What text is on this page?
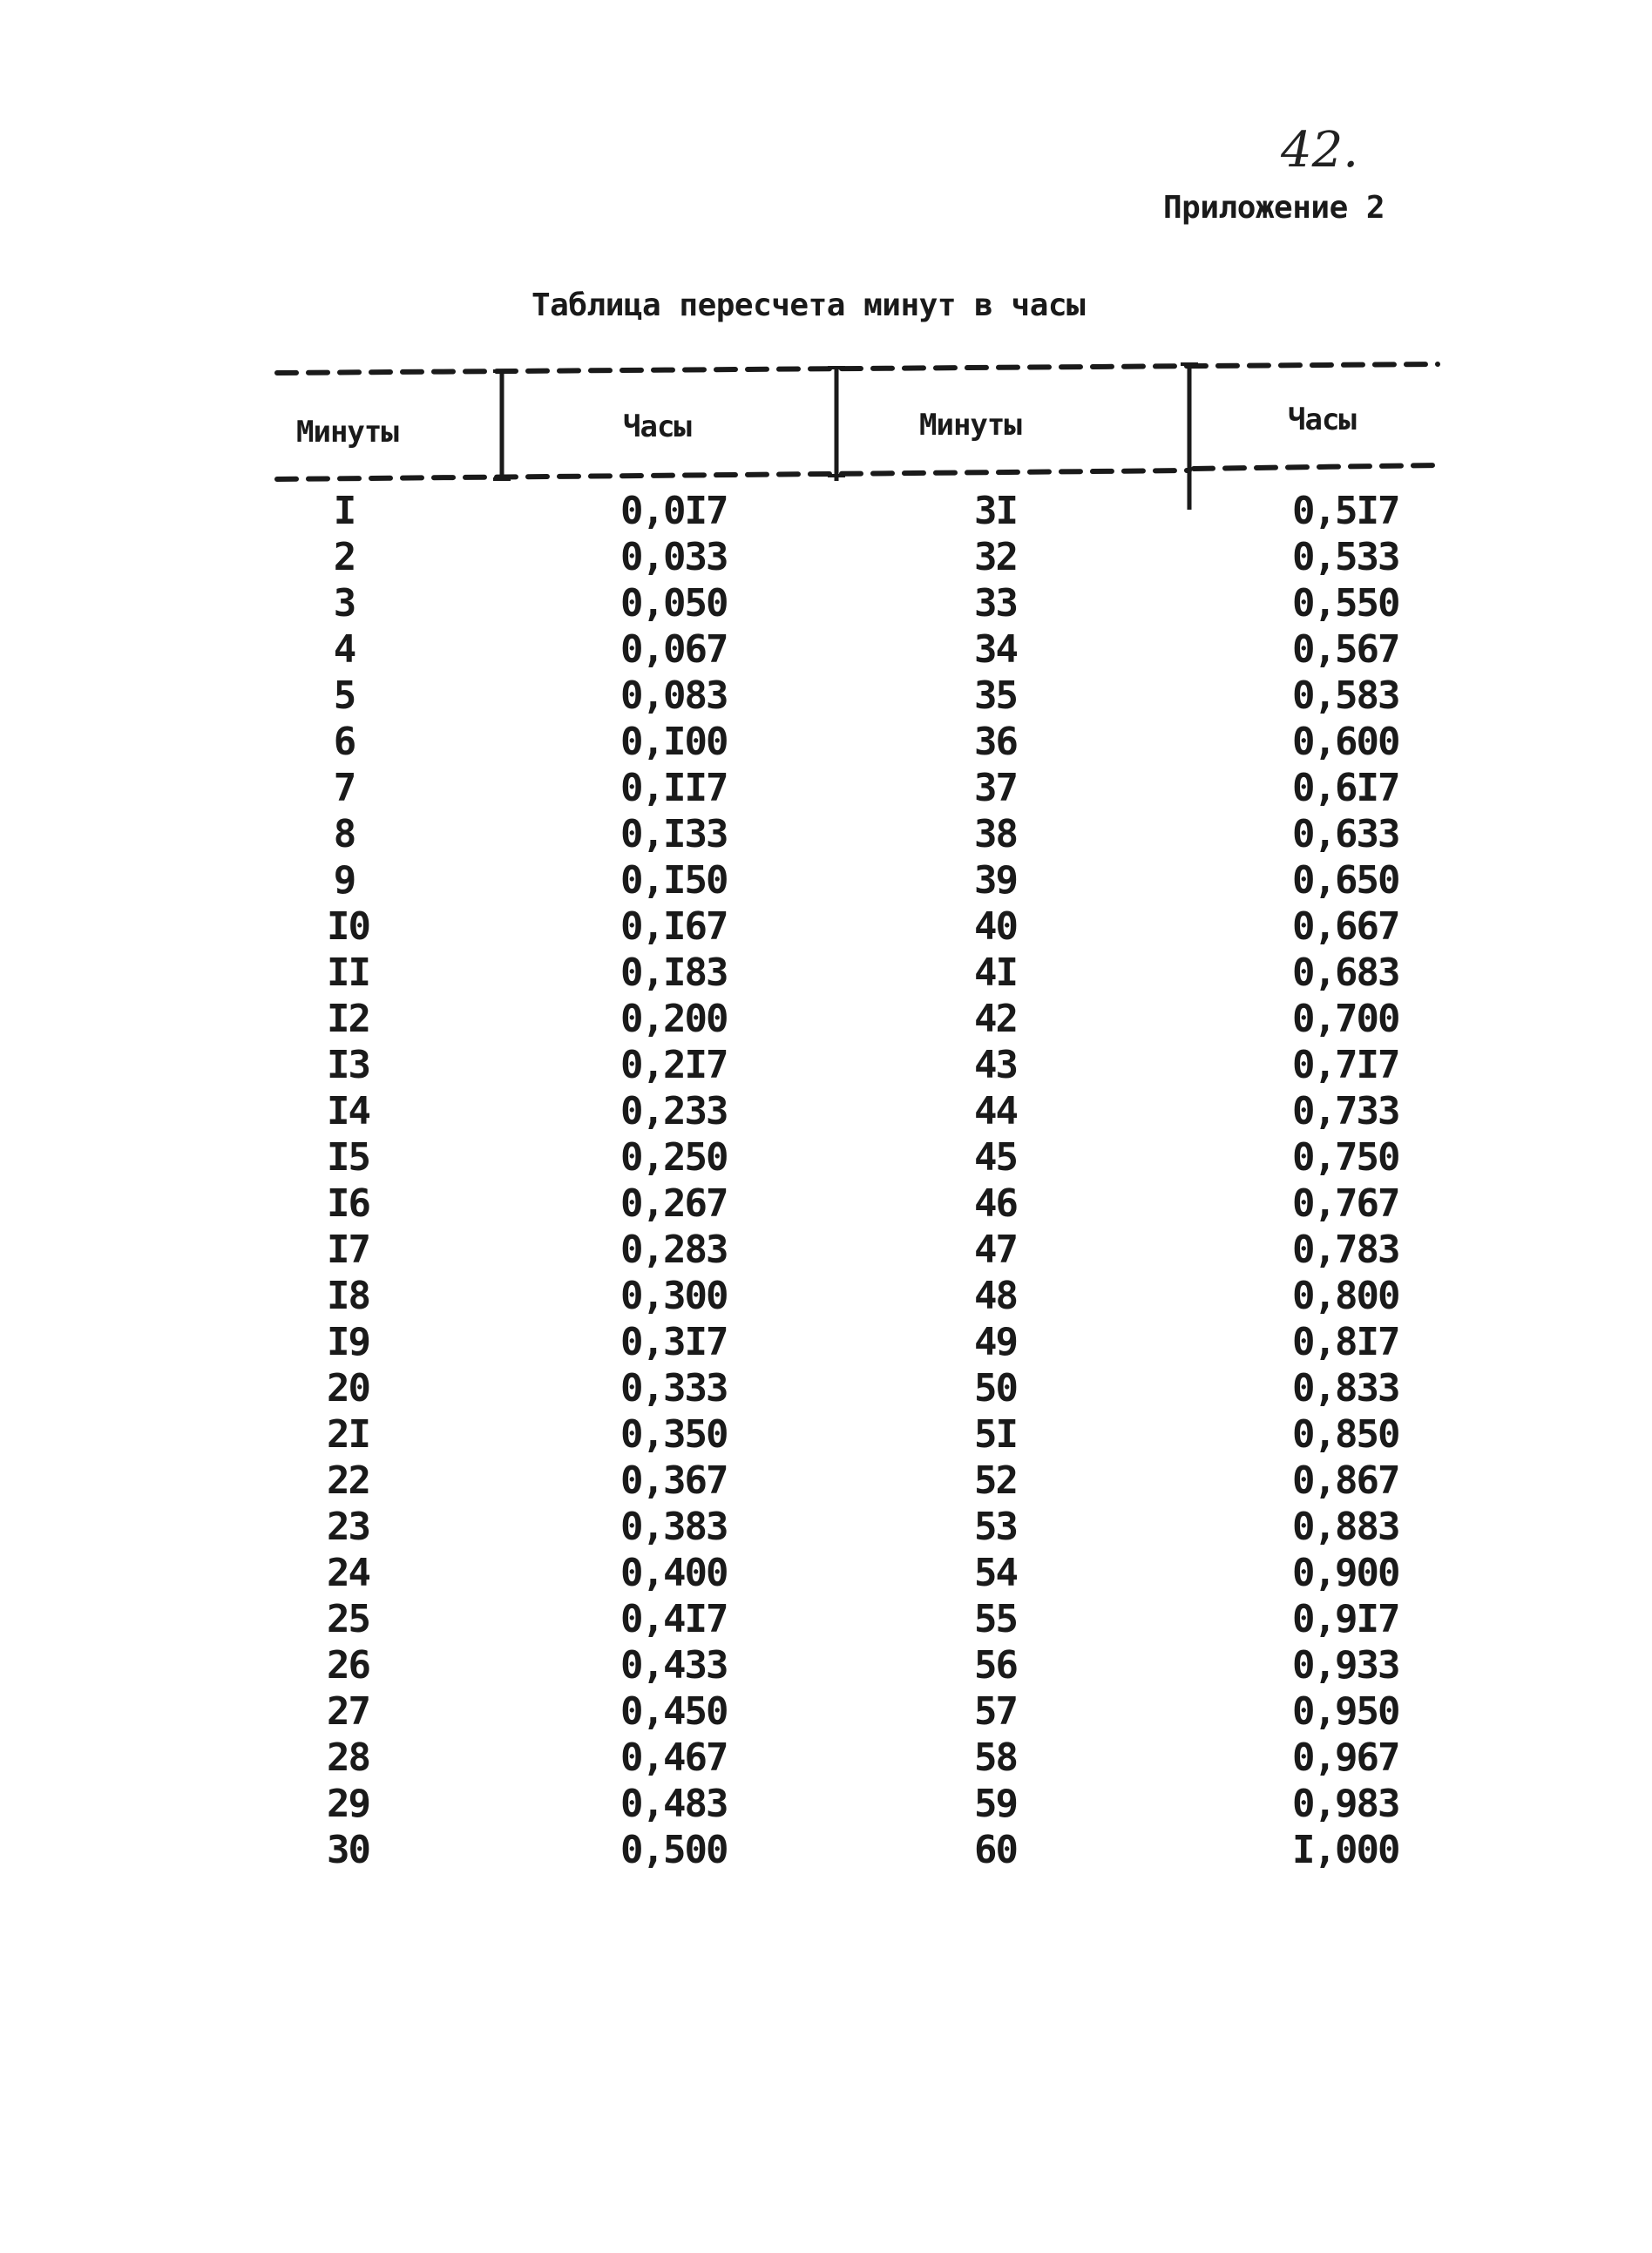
42.
Приложение 2
Таблица пересчета минут в часы
Минуты	Часы	Минуты	Часы
I	0,0I7	3I	0,5I7
2	0,033	32	0,533
3	0,050	33	0,550
4	0,067	34	0,567
5	0,083	35	0,583
6	0,I00	36	0,600
7	0,II7	37	0,6I7
8	0,I33	38	0,633
9	0,I50	39	0,650
I0	0,I67	40	0,667
II	0,I83	4I	0,683
I2	0,200	42	0,700
I3	0,2I7	43	0,7I7
I4	0,233	44	0,733
I5	0,250	45	0,750
I6	0,267	46	0,767
I7	0,283	47	0,783
I8	0,300	48	0,800
I9	0,3I7	49	0,8I7
20	0,333	50	0,833
2I	0,350	5I	0,850
22	0,367	52	0,867
23	0,383	53	0,883
24	0,400	54	0,900
25	0,4I7	55	0,9I7
26	0,433	56	0,933
27	0,450	57	0,950
28	0,467	58	0,967
29	0,483	59	0,983
30	0,500	60	I,000
